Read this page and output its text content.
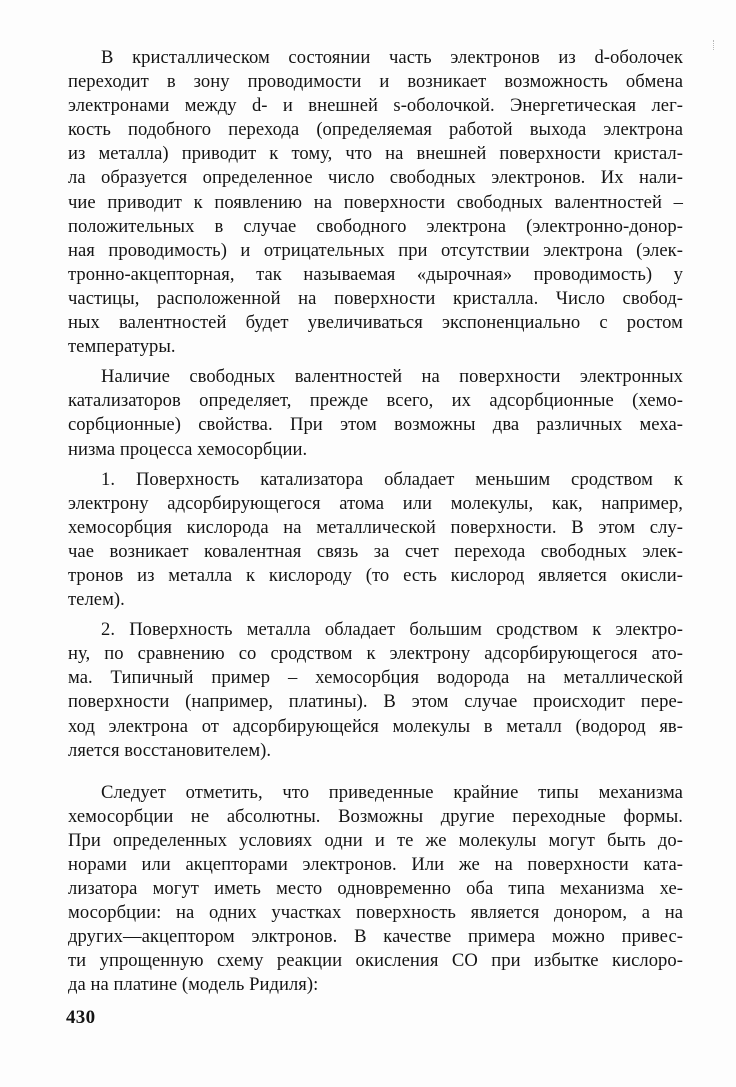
В кристаллическом состоянии часть электронов из d-оболочек
переходит в зону проводимости и возникает возможность обмена
электронами между d- и внешней s-оболочкой. Энергетическая лег-
кость подобного перехода (определяемая работой выхода электрона
из металла) приводит к тому, что на внешней поверхности кристал-
ла образуется определенное число свободных электронов. Их нали-
чие приводит к появлению на поверхности свободных валентностей –
положительных в случае свободного электрона (электронно-донор-
ная проводимость) и отрицательных при отсутствии электрона (элек-
тронно-акцепторная, так называемая «дырочная» проводимость) у
частицы, расположенной на поверхности кристалла. Число свобод-
ных валентностей будет увеличиваться экспоненциально с ростом
температуры.
Наличие свободных валентностей на поверхности электронных
катализаторов определяет, прежде всего, их адсорбционные (хемо-
сорбционные) свойства. При этом возможны два различных меха-
низма процесса хемосорбции.
1. Поверхность катализатора обладает меньшим сродством к
электрону адсорбирующегося атома или молекулы, как, например,
хемосорбция кислорода на металлической поверхности. В этом слу-
чае возникает ковалентная связь за счет перехода свободных элек-
тронов из металла к кислороду (то есть кислород является окисли-
телем).
2. Поверхность металла обладает большим сродством к электро-
ну, по сравнению со сродством к электрону адсорбирующегося ато-
ма. Типичный пример – хемосорбция водорода на металлической
поверхности (например, платины). В этом случае происходит пере-
ход электрона от адсорбирующейся молекулы в металл (водород яв-
ляется восстановителем).
Следует отметить, что приведенные крайние типы механизма
хемосорбции не абсолютны. Возможны другие переходные формы.
При определенных условиях одни и те же молекулы могут быть до-
норами или акцепторами электронов. Или же на поверхности ката-
лизатора могут иметь место одновременно оба типа механизма хе-
мосорбции: на одних участках поверхность является донором, а на
других—акцептором элктронов. В качестве примера можно привес-
ти упрощенную схему реакции окисления СО при избытке кислоро-
да на платине (модель Ридиля):
430
